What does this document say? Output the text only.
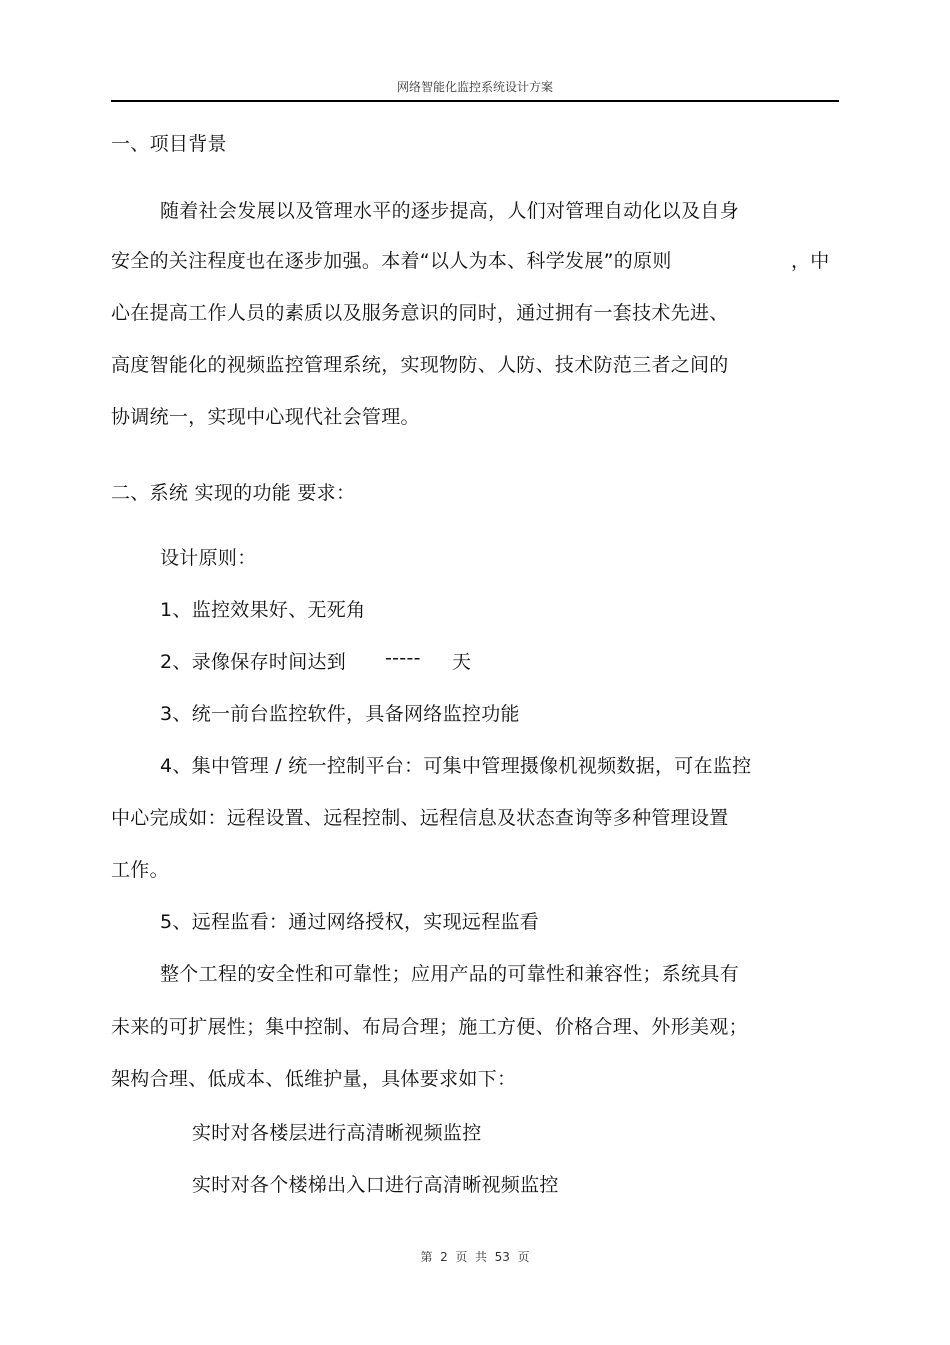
网络智能化监控系统设计方案
一、项目背景
随着社会发展以及管理水平的逐步提高，人们对管理自动化以及自身
安全的关注程度也在逐步加强。本着“以人为本、科学发展”的原则	，中
心在提高工作人员的素质以及服务意识的同时，通过拥有一套技术先进、
高度智能化的视频监控管理系统，实现物防、人防、技术防范三者之间的
协调统一，实现中心现代社会管理。
二、系统 实现的功能 要求：
设计原则：
1、监控效果好、无死角
2、录像保存时间达到 ----- 天
3、统一前台监控软件，具备网络监控功能
4、集中管理 / 统一控制平台：可集中管理摄像机视频数据，可在监控
中心完成如：远程设置、远程控制、远程信息及状态查询等多种管理设置
工作。
5、远程监看：通过网络授权，实现远程监看
整个工程的安全性和可靠性；应用产品的可靠性和兼容性；系统具有
未来的可扩展性；集中控制、布局合理；施工方便、价格合理、外形美观；
架构合理、低成本、低维护量，具体要求如下：
实时对各楼层进行高清晰视频监控
实时对各个楼梯出入口进行高清晰视频监控
第  2  页  共  53  页
